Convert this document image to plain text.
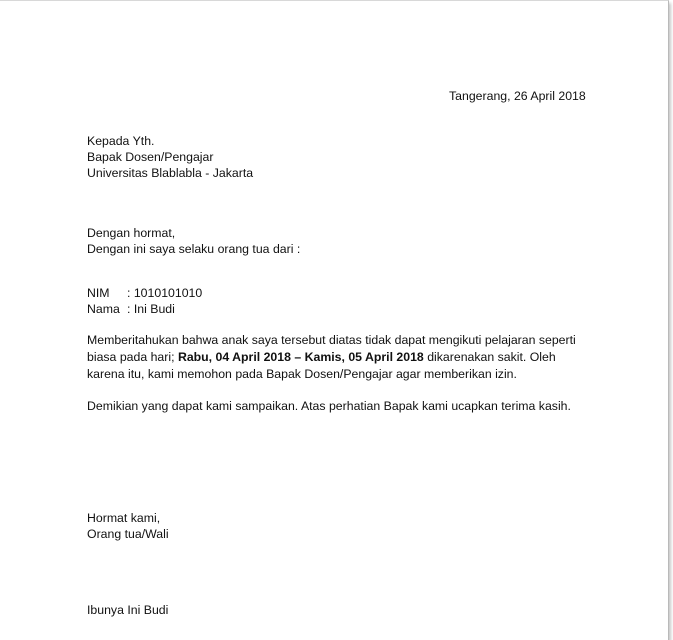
Tangerang, 26 April 2018
Kepada Yth.
Bapak Dosen/Pengajar
Universitas Blablabla - Jakarta
Dengan hormat,
Dengan ini saya selaku orang tua dari :
NIM : 1010101010
Nama : Ini Budi
Memberitahukan bahwa anak saya tersebut diatas tidak dapat mengikuti pelajaran seperti biasa pada hari; Rabu, 04 April 2018 – Kamis, 05 April 2018 dikarenakan sakit. Oleh karena itu, kami memohon pada Bapak Dosen/Pengajar agar memberikan izin.
Demikian yang dapat kami sampaikan. Atas perhatian Bapak kami ucapkan terima kasih.
Hormat kami,
Orang tua/Wali
Ibunya Ini Budi
